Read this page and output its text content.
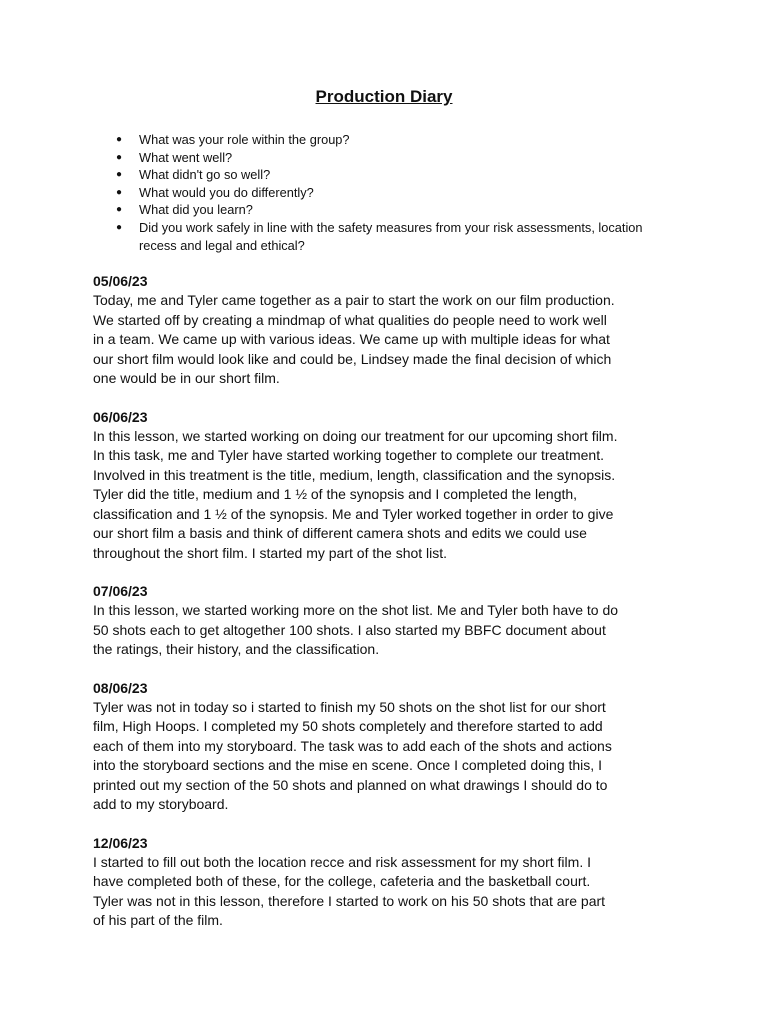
Production Diary
● What was your role within the group?
● What went well?
● What didn't go so well?
● What would you do differently?
● What did you learn?
● Did you work safely in line with the safety measures from your risk assessments, location recess and legal and ethical?

05/06/23

Today, me and Tyler came together as a pair to start the work on our film production.
We started off by creating a mindmap of what qualities do people need to work well
in a team. We came up with various ideas. We came up with multiple ideas for what
our short film would look like and could be, Lindsey made the final decision of which
one would be in our short film.

06/06/23

In this lesson, we started working on doing our treatment for our upcoming short film.
In this task, me and Tyler have started working together to complete our treatment.
Involved in this treatment is the title, medium, length, classification and the synopsis.
Tyler did the title, medium and 1 ½ of the synopsis and I completed the length,
classification and 1 ½ of the synopsis. Me and Tyler worked together in order to give
our short film a basis and think of different camera shots and edits we could use
throughout the short film. I started my part of the shot list.

07/06/23

In this lesson, we started working more on the shot list. Me and Tyler both have to do
50 shots each to get altogether 100 shots. I also started my BBFC document about
the ratings, their history, and the classification.

08/06/23

Tyler was not in today so i started to finish my 50 shots on the shot list for our short
film, High Hoops. I completed my 50 shots completely and therefore started to add
each of them into my storyboard. The task was to add each of the shots and actions
into the storyboard sections and the mise en scene. Once I completed doing this, I
printed out my section of the 50 shots and planned on what drawings I should do to
add to my storyboard.

12/06/23

I started to fill out both the location recce and risk assessment for my short film. I
have completed both of these, for the college, cafeteria and the basketball court.
Tyler was not in this lesson, therefore I started to work on his 50 shots that are part
of his part of the film.
